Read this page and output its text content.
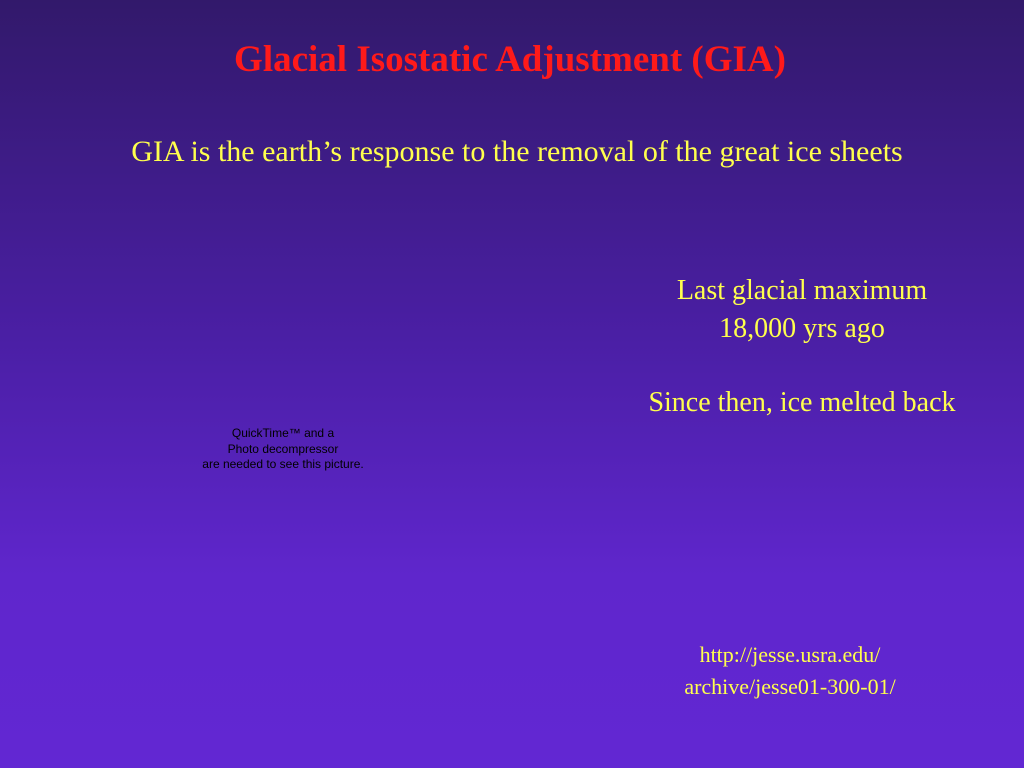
Glacial Isostatic Adjustment (GIA)

GIA is the earth’s response to the removal of the great ice sheets

QuickTime™ and a
Photo decompressor
are needed to see this picture.

Last glacial maximum

18,000 yrs ago

Since then, ice melted back

http://jesse.usra.edu/

archive/jesse01-300-01/
